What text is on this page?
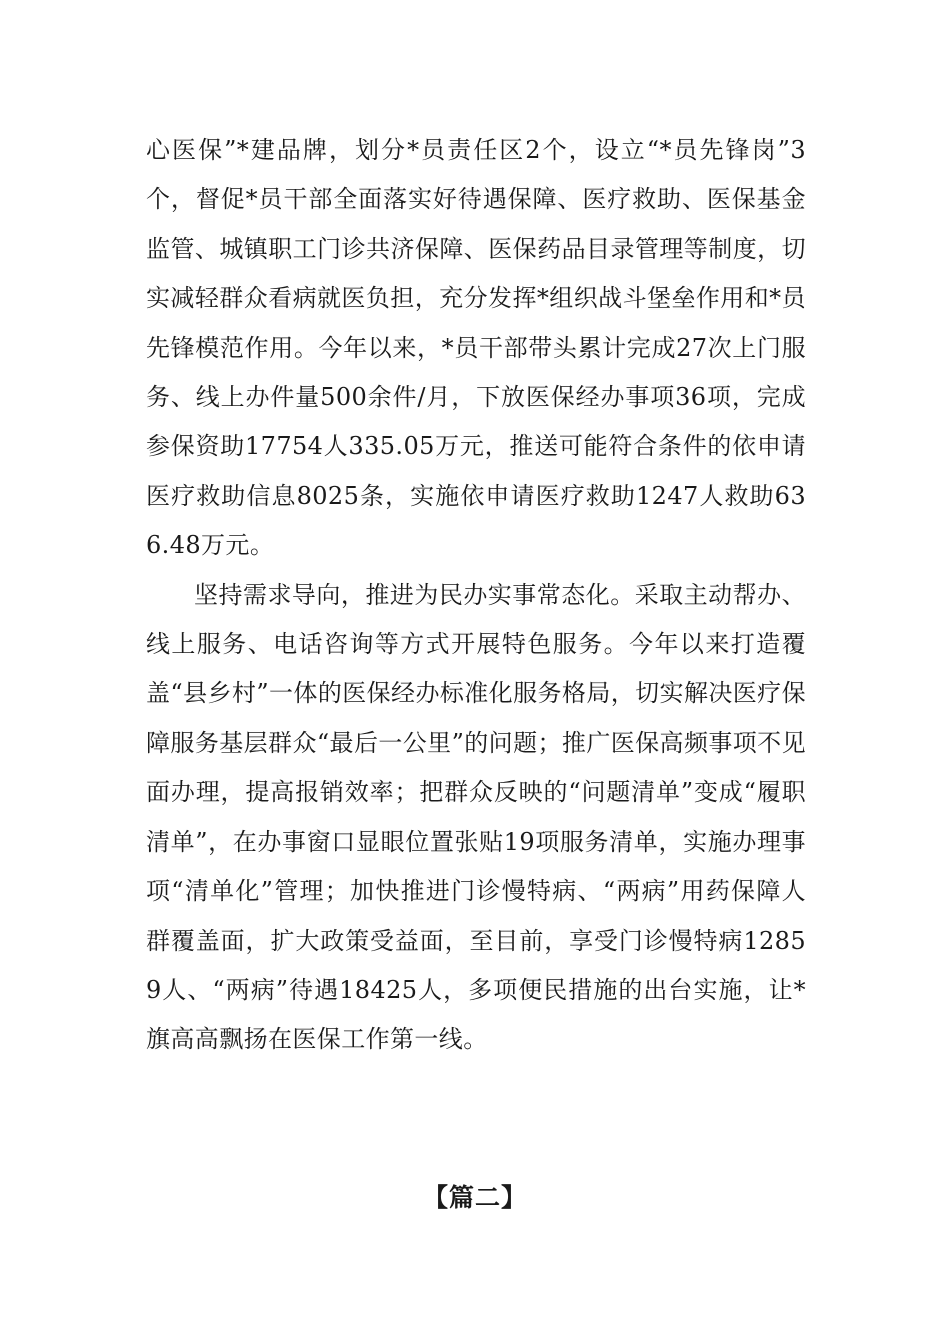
心医保”*建品牌，划分*员责任区2个，设立“*员先锋岗”3个，督促*员干部全面落实好待遇保障、医疗救助、医保基金监管、城镇职工门诊共济保障、医保药品目录管理等制度，切实减轻群众看病就医负担，充分发挥*组织战斗堡垒作用和*员先锋模范作用。今年以来，*员干部带头累计完成27次上门服务、线上办件量500余件/月，下放医保经办事项36项，完成参保资助17754人335.05万元，推送可能符合条件的依申请医疗救助信息8025条，实施依申请医疗救助1247人救助636.48万元。

坚持需求导向，推进为民办实事常态化。采取主动帮办、线上服务、电话咨询等方式开展特色服务。今年以来打造覆盖“县乡村”一体的医保经办标准化服务格局，切实解决医疗保障服务基层群众“最后一公里”的问题；推广医保高频事项不见面办理，提高报销效率；把群众反映的“问题清单”变成“履职清单”，在办事窗口显眼位置张贴19项服务清单，实施办理事项“清单化”管理；加快推进门诊慢特病、“两病”用药保障人群覆盖面，扩大政策受益面，至目前，享受门诊慢特病12859人、“两病”待遇18425人，多项便民措施的出台实施，让*旗高高飘扬在医保工作第一线。

【篇二】
